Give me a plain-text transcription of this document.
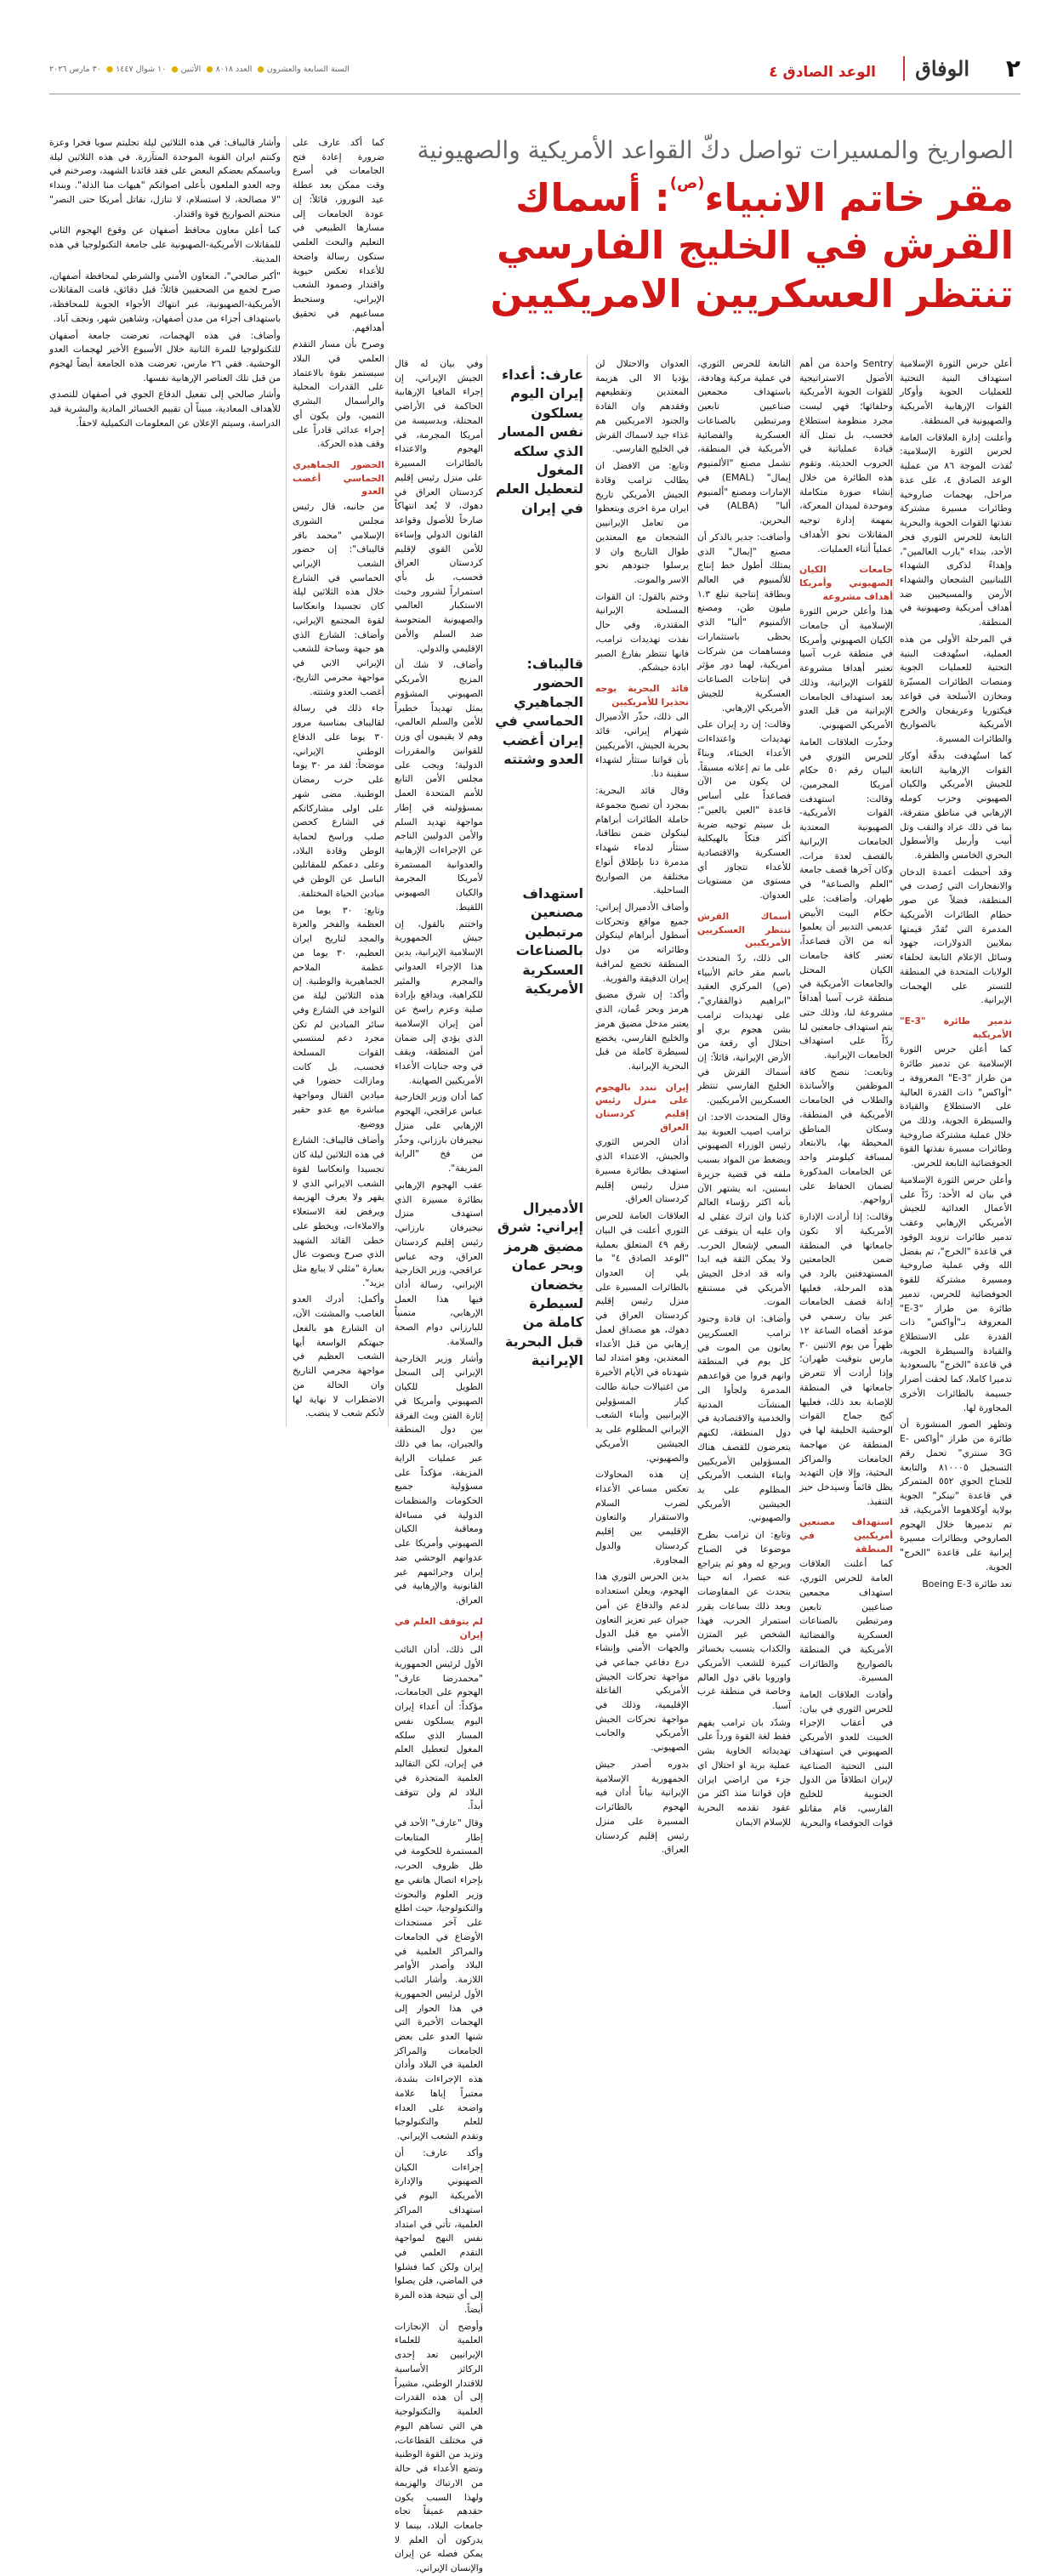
٢
الوفاق
الوعد الصادق ٤
السنة السابعة والعشرون● العدد ٨٠١٨● الأثنين● ١٠ شوال ١٤٤٧● ٣٠ مارس ٢٠٢٦
الصواريخ والمسيرات تواصل دكّ القواعد الأمريكية والصهيونية
مقر خاتم الانبياء$^{(ص)}$: أسماك
القرش في الخليج الفارسي
تنتظر العسكريين الامريكيين

أعلن حرس الثورة الإسلامية استهداف البنية التحتية للعمليات الجوية وأوكار القوات الإرهابية الأمريكية والصهيونية في المنطقة.

وأعلنت إدارة العلاقات العامة لحرس الثورة الإسلامية: نُفذت الموجة ٨٦ من عملية الوعد الصادق ٤، على عدة مراحل، بهجمات صاروخية وطائرات مسيرة مشتركة نفذتها القوات الجوية والبحرية التابعة للحرس الثوري فجر الأحد، بنداء "يارب العالمين"، وإهداءً لذكرى الشهداء اللبنانيين الشجعان والشهداء الأرمن والمسيحيين ضد أهداف أمريكية وصهيونية في المنطقة.

في المرحلة الأولى من هذه العملية، استُهدفت البنية التحتية للعمليات الجوية ومنصات الطائرات المسيّرة ومخازن الأسلحة في قواعد فيكتوريا وعريفجان والخرج الأمريكية بالصواريخ والطائرات المسيرة.

كما استُهدفت بدقّة أوكار القوات الإرهابية التابعة للجيش الأمريكي والكيان الصهيوني وحزب كومله الإرهابي في مناطق متفرقة، بما في ذلك عراد والنقب وتل أبيب وأربيل والأسطول البحري الخامس والظفرة.

وقد أحبطت أعمدة الدخان والانفجارات التي رُصدت في المنطقة، فضلاً عن صور حطام الطائرات الأمريكية المدمرة التي تُقدّر قيمتها بملايين الدولارات، جهود وسائل الإعلام التابعة لحلفاء الولايات المتحدة في المنطقة للتستر على الهجمات الإيرانية.

تدمير طائرة "E-3" الأمريكية

كما أعلن حرس الثورة الإسلامية عن تدمير طائرة من طراز "E-3" المعروفة بـ "أواكس" ذات القدرة العالية على الاستطلاع والقيادة والسيطرة الجوية، وذلك من خلال عملية مشتركة صاروخية وطائرات مسيرة نفذتها القوة الجوفضائية التابعة للحرس.

وأعلن حرس الثورة الإسلامية في بيان له الأحد: ردّاً على الأعمال العدائية للجيش الأمريكي الإرهابي وعقب تدمير طائرات تزويد الوقود في قاعدة "الخرج"، تم بفضل الله وفي عملية صاروخية ومسيرة مشتركة للقوة الجوفضائية للحرس، تدمير طائرة من طراز "E-3" المعروفة بـ"أواكس" ذات القدرة على الاستطلاع والقيادة والسيطرة الجوية، في قاعدة "الخرج" بالسعودية تدميرا كاملا، كما لحقت أضرار جسيمة بالطائرات الأخرى المجاورة لها.

وتظهر الصور المنشورة أن طائرة من طراز "أواكس E-3G سنتري" تحمل رقم التسجيل ٨١٠٠٠٥ والتابعة للجناح الجوي ٥٥٢ المتمركز في قاعدة "تينكر" الجوية بولاية أوكلاهوما الأمريكية، قد تم تدميرها خلال الهجوم الصاروخي وبطائرات مسيرة إيرانية على قاعدة "الخرج" الجوية.

تعد طائرة Boeing E-3

Sentry واحدة من أهم الأصول الاستراتيجية للقوات الجوية الأمريكية وحلفائها؛ فهي ليست مجرد منظومة استطلاع فحسب، بل تمثل آلة قيادة عملياتية في الحروب الحديثة. وتقوم هذه الطائرة من خلال إنشاء صورة متكاملة وموحدة لميدان المعركة، بمهمة إدارة توجيه المقاتلات نحو الأهداف عملياً أثناء العمليات.

جامعات الكيان الصهيوني وأمريكا أهداف مشروعة

هذا وأعلن حرس الثورة الإسلامية أن جامعات الكيان الصهيوني وأمريكا في منطقة غرب آسيا تعتبر أهدافا مشروعة للقوات الإيرانية، وذلك بعد استهداف الجامعات الإيرانية من قبل العدو الأمريكي الصهيوني.

وحذّرت العلاقات العامة للحرس الثوري في البيان رقم ٥٠ حكام أمريكا المجرمين، وقالت: استهدفت القوات الأمريكية-الصهيونية المعتدية الجامعات الإيرانية بالقصف لعدة مرات، وكان آخرها قصف جامعة "العلم والصناعة" في طهران. وأضافت: على حكام البيت الأبيض عديمي التدبير أن يعلموا أنه من الآن فصاعداً، تعتبر كافة جامعات الكيان المحتل والجامعات الأمريكية في منطقة غرب آسيا أهدافاً مشروعة لنا، وذلك حتى يتم استهداف جامعتين لنا ردّاً على استهداف الجامعات الإيرانية.

وتابعت: ننصح كافة الموظفين والأساتذة والطلاب في الجامعات الأمريكية في المنطقة، وسكان المناطق المحيطة بها، بالابتعاد لمسافة كيلومتر واحد عن الجامعات المذكورة لضمان الحفاظ على أرواحهم.

وقالت: إذا أرادت الإدارة الأمريكية ألا تكون جامعاتها في المنطقة ضمن الجامعتين المستهدفتين بالرد في هذه المرحلة، فعليها إدانة قصف الجامعات عبر بيان رسمي في موعد أقصاه الساعة ١٢ ظهراً من يوم الاثنين ٣٠ مارس بتوقيت طهران؛ وإذا أرادت ألا تتعرض جامعاتها في المنطقة للإصابة بعد ذلك، فعليها كبح جماح القوات الوحشية الحليفة لها في المنطقة عن مهاجمة الجامعات والمراكز البحثية، وإلا فإن التهديد يظل قائماً وسيدخل حيز التنفيذ.

استهداف مصنعين أمريكيين في المنطقة

كما أعلنت العلاقات العامة للحرس الثوري، استهداف مجمعين صناعيين تابعين ومرتبطين بالصناعات العسكرية والفضائية الأمريكية في المنطقة بالصواريخ والطائرات المسيرة.

وأفادت العلاقات العامة للحرس الثوري في بيان: في أعقاب الإجراء الخبيث للعدو الأمريكي الصهيوني في استهداف البنى التحتية الصناعية لإيران انطلاقاً من الدول الجنوبية للخليج الفارسي، قام مقاتلو قوات الجوفضاء والبحرية

التابعة للحرس الثوري، في عملية مركبة وهادفة، باستهداف مجمعين صناعيين تابعين ومرتبطين بالصناعات العسكرية والفضائية الأمريكية في المنطقة، تشمل مصنع "الألمنيوم إيمال" (EMAL) في الإمارات ومصنع "ألمنيوم ألبا" (ALBA) في البحرين.

وأضافت: جدير بالذكر أن مصنع "إيمال" الذي يمتلك أطول خط إنتاج للألمنيوم في العالم وبطاقة إنتاجية تبلغ ١.٣ مليون طن، ومصنع الألمنيوم "ألبا" الذي يحظى باستثمارات ومساهمات من شركات أمريكية، لهما دور مؤثر في إنتاجات الصناعات العسكرية للجيش الأمريكي الإرهابي.

وقالت: إن رد إيران على تهديدات واعتداءات الأعداء الخبثاء، وبناءً على ما تم إعلانه مسبقاً، لن يكون من الآن فصاعداً على أساس قاعدة "العين بالعين"؛ بل سيتم توجيه ضربة أكثر فتكاً بالهيكلية العسكرية والاقتصادية للأعداء تتجاوز أي مستوى من مستويات العدوان.

أسماك القرش تنتظر العسكريين الأمريكيين

الى ذلك، ردّ المتحدث باسم مقر خاتم الأنبياء (ص) المركزي العقيد "ابراهيم ذوالفقاري"، على تهديدات ترامب بشن هجوم بري أو احتلال أي رقعة من الأرض الإيرانية، قائلاً: إن أسماك القرش في الخليج الفارسي تنتظر العسكريين الأمريكيين.

وقال المتحدث الاحد: ان ترامب اصيب العبوبة بيد رئيس الوزراء الصهيوني ويضغط من المواد بسبب ملفه في قضية جزيرة ابستين، انه يشتهر الآن بأنه اكثر رؤساء العالم كذبا وان اترك عقلي له وان عليه أن يتوقف عن السعي لإشعال الحرب. ولا يمكن الثقة فيه ابدا وانه قد ادخل الجيش الأمريكي في مستنقع الموت.

وأضاف: ان قادة وجنود ترامب العسكريين يعانون من الموت في كل يوم في المنطقة وانهم فروا من قواعدهم المدمرة ولجأوا الى المنشآت المدنية والخدمية والاقتصادية في دول المنطقة، لكنهم يتعرضون للقصف هناك المسؤولين الأمريكيين وابناء الشعب الأمريكي المظلوم على يد الجيشين الأمريكي والصهيوني.

وتابع: ان ترامب بطرح موضوعا في الصباح ويرجع له وهو ثم يتراجع عنه عصرا، انه حينا يتحدث عن المفاوضات وبعد ذلك بساعات يقرر استمرار الحرب، فهذا الشخص غير المتزن والكذاب يتسبب بخسائر كبيرة للشعب الأمريكي واوروبا باقي دول العالم وخاصة في منطقة غرب آسيا.

وشدّد بان ترامب يفهم فقط لغة القوة ورداً على تهديداته الخاوية بشن عملية برية او احتلال اي جزء من اراضي ايران فإن قواتنا منذ اكثر من عقود تقدمه البحرية للإسلام الايمان

العدوان والاحتلال لن يؤديا الا الى هزيمة المعتدين وتقطيعهم وفقدهم وان الفادة والجنود الامريكيين هم غذاء جيد لاسماك القرش في الخليج الفارسي.

وتابع: من الافضل ان يطالب ترامب وقادة الجيش الأمريكي تاريخ ايران مرة اخرى ويتعظوا من تعامل الإيرانيين الشجعان مع المعتدين طوال التاريخ وان لا يرسلوا جنودهم نحو الاسر والموت.

وختم بالقول: ان القوات المسلحة الإيرانية المقتدرة، وفي حال نفذت تهديدات ترامب، فانها تنتظر بفارغ الصبر ابادة جيشكم.

قائد البحرية يوجه تحذيرا للأمريكيين

الى ذلك، حذّر الأدميرال شهرام إيراني، قائد بحرية الجيش، الأمريكيين بأن قواتنا ستثأر لشهداء سفينة دنا.

وقال قائد البحرية: بمجرد أن تصبح مجموعة حاملة الطائرات أبراهام لينكولن ضمن نطاقنا، سنثأر لدماء شهداء مدمرة دنا بإطلاق أنواع مختلفة من الصواريخ الساحلية.

وأضاف الأدميرال إيراني: جميع مواقع وتحركات أسطول أبراهام لينكولن وطائراته من دول المنطقة تخضع لمراقبة إيران الدقيقة والفورية.

وأكد: إن شرق مضيق هرمز وبحر عُمان، الذي يعتبر مدخل مضيق هرمز والخليج الفارسي، يخضع لسيطرة كاملة من قبل البحرية الإيرانية.

إيران تندد بالهجوم على منزل رئيس إقليم كردستان العراق

أدان الحرس الثوري والجيش، الاعتداء الذي استهدف بطائرة مسيرة منزل رئيس إقليم كردستان العراق.

العلاقات العامة للحرس الثوري أعلنت في البيان رقم ٤٩ المتعلق بعملية "الوعد الصادق ٤" ما يلي إن العدوان بالطائرات المسيرة على منزل رئيس إقليم كردستان العراق في دهوك، هو مصداق لعمل إرهابي من قبل الأعداء المعتدين، وهو امتداد لما شهدناه في الأيام الأخيرة من اغتيالات جبانة طالت كبار المسؤولين الإيرانيين وأبناء الشعب الإيراني المظلوم على يد الجيشين الأمريكي والصهيوني.

إن هذه المحاولات تعكس مساعي الأعداء لضرب السلام والاستقرار والتعاون الإقليمي بين إقليم كردستان والدول المجاورة.

يدين الحرس الثوري هذا الهجوم، ويعلن استعداده لدعم والدفاع عن أمن جيران عبر تعزيز التعاون الأمني مع قبل الدول والجهات الأمني وإنشاء درع دفاعي جماعي في مواجهة تحركات الجيش الأمريكي الفاعلة الإقليمية، وذلك في مواجهة تحركات الجيش الأمريكي والجانب الصهيوني.

بدوره أصدر جيش الجمهورية الإسلامية الإيرانية بياناً أدان فيه الهجوم بالطائرات المسيرة على منزل رئيس إقليم كردستان العراق.

وفي بيان له قال الجيش الإيراني، إن إجراء المافيا الإرهابية الحاكمة في الأراضي المحتلة، وبدسيسة من أمريكا المجرمة، في الهجوم والاعتداء بالطائرات المسيرة على منزل رئيس إقليم كردستان العراق في دهوك، لا يُعد انتهاكاً صارخاً للأصول وقواعد القانون الدولي وإساءة للأمن القوي لإقليم كردستان العراق فحسب، بل بأي استمراراً لشرور وخبث الاستكبار العالمي والصهيونية المتحوسة ضد السلم والأمن الإقليمي والدولي.

وأضاف، لا شك أن المزيج الأمريكي الصهيوني المشؤوم يمثل تهديداً خطيراً للأمن والسلم العالمي، وهم لا يقيمون أي وزن للقوانين والمقررات الدولية؛ ويجب على مجلس الأمن التابع للأمم المتحدة العمل بمسؤوليته في إطار مواجهة تهديد السلم والأمن الدوليين الناجم عن الإجراءات الإرهابية والعدوانية المستمرة لأمريكا المجرمة والكيان الصهيوني اللقيط.

واختتم بالقول، إن جيش الجمهورية الإسلامية الإيرانية، يدين هذا الإجراء العدواني والمجرم والمثير للكراهية، ويدافع بإرادة صلبة وعزم راسخ عن أمن إيران الإسلامية الذي يؤدي إلى ضمان أمن المنطقة، ويقف في وجه جنايات الأعداء الأمريكيين الصهاينة.

كما أدان وزير الخارجية عباس عراقجي، الهجوم الإرهابي على منزل نيجيرفان بارزاني، وحذّر من فخ "الراية المزيفة".

عقب الهجوم الإرهابي بطائرة مسيرة الذي استهدف منزل نيجيرفان بارزاني، رئيس إقليم كردستان العراق، وجه عباس عراقجي، وزير الخارجية الإيراني، رسالة أدان فيها هذا العمل الإرهابي، متمنياً للبارزاني دوام الصحة والسلامة.

وأشار وزير الخارجية الإيراني إلى السجل الطويل للكيان الصهيوني وأمريكا في إثارة الفتن وبث الفرقة بين دول المنطقة والجيران، بما في ذلك عبر عمليات الراية المزيفة، مؤكداً على مسؤولية جميع الحكومات والمنظمات الدولية في مساءلة ومعاقبة الكيان الصهيوني وأمريكا على عدوانهم الوحشي ضد إيران وجرائمهم غير القانونية والإرهابية في العراق.

لم يتوقف العلم في إيران

الى ذلك، أدان النائب الأول لرئيس الجمهورية "محمدرضا عارف" الهجوم على الجامعات، مؤكداً: أن أعداء إيران اليوم يسلكون نفس المسار الذي سلكه المغول لتعطيل العلم في إيران، لكن التقاليد العلمية المتجذرة في البلاد لم ولن تتوقف أبداً.

وقال "عارف" الأحد في إطار المتابعات المستمرة للحكومة في ظل ظروف الحرب، بإجراء اتصال هاتفي مع وزير العلوم والبحوث والتكنولوجيا، حيث اطلع على آخر مستجدات الأوضاع في الجامعات والمراكز العلمية في البلاد وأصدر الأوامر اللازمة. وأشار النائب الأول لرئيس الجمهورية في هذا الحوار إلى الهجمات الأخيرة التي شنها العدو على بعض الجامعات والمراكز العلمية في البلاد وأدان هذه الإجراءات بشدة، معتبراً إياها علامة واضحة على العداء للعلم والتكنولوجيا وتقدم الشعب الإيراني.

وأكد عارف: أن إجراءات الكيان الصهيوني والإدارة الأمريكية اليوم في استهداف المراكز العلمية، تأتي في امتداد نفس النهج لمواجهة التقدم العلمي في إيران ولكن كما فشلوا في الماضي، فلن يصلوا إلى أي نتيجة هذه المرة أيضاً.

وأوضح أن الإنجازات العلمية للعلماء الإيرانيين تعد إحدى الركائز الأساسية للاقتدار الوطني، مشيراً إلى أن هذه القدرات العلمية والتكنولوجية هي التي تساهم اليوم في مختلف القطاعات، وتزيد من القوة الوطنية وتضع الأعداء في حالة من الارتباك والهزيمة ولهذا السبب يكون حقدهم عميقاً تجاه جامعات البلاد، بينما لا يدركون أن العلم لا يمكن فصله عن إيران والإنسان الإيراني.

كما أكد عارف على ضرورة إعادة فتح الجامعات في أسرع وقت ممكن بعد عطلة عيد النوروز، قائلاً: إن عودة الجامعات إلى مسارها الطبيعي في التعليم والبحث العلمي ستكون رسالة واضحة للأعداء تعكس حيوية واقتدار وصمود الشعب الإيراني، وستحبط مساعيهم في تحقيق أهدافهم.

وصرح بأن مسار التقدم العلمي في البلاد سيستمر بقوة بالاعتماد على القدرات المحلية والرأسمال البشري الثمين، ولن يكون أي إجراء عدائي قادراً على وقف هذه الحركة.

الحضور الجماهيري الحماسي أغضب العدو

من جانبه، قال رئيس مجلس الشورى الإسلامي "محمد باقر قاليباف": إن حضور الشعب الإيراني الحماسي في الشارع خلال هذه الثلاثين ليلة كان تجسيدا وانعكاسا لقوة المجتمع الإيراني، وأضاف: الشارع الذي هو جبهة وساحة للشعب الإيراني الابي في مواجهة مجرمي التاريخ، أغضب العدو وشتته.

جاء ذلك في رسالة لقاليباف بمناسبة مرور ٣٠ يوما على الدفاع الوطني الإيراني، موضحاً: لقد مر ٣٠ يوما على حرب رمضان الوطنية. مضى شهر على اولى مشاركاتكم في الشارع كحصن صلب وراسخ لحماية الوطن وقادة البلاد، وعلى دعمكم للمقاتلين الباسل عن الوطن في ميادين الحياة المختلفة.

وتابع: ٣٠ يوما من العظمة والفخر والعزة والمجد لتاريخ ايران العظيم، ٣٠ يوما من عظمة الملاحم الجماهيرية والوطنية. إن هذه الثلاثين ليلة من التواجد في الشارع وفي سائر الميادين لم تكن مجرد دعم لمنتسبي القوات المسلحة فحسب، بل كانت ومازالت حضورا في ميادين القتال ومواجهة مباشرة مع عدو حقير ووضيع.

وأضاف قاليباف: الشارع في هذه الثلاثين ليلة كان تجسيدا وانعكاسا لقوة الشعب الايراني الذي لا يقهر ولا يعرف الهزيمة ويرفض لغة الاستعلاء والاملاءات، ويخطو على خطى القائد الشهيد الذي صرح وبصوت عال بعبارة "مثلي لا يبايع مثل يزيد".

وأكمل: أدرك العدو الغاصب والمشتت الآن، ان الشارع هو بالفعل جبهتكم الواسعة أيها الشعب العظيم في مواجهة مجرمي التاريخ وان الحالة من الاضطراب لا نهاية لها لأنكم شعب لا ينضب.

وأشار قاليباف: في هذه الثلاثين ليلة تجليتم سويا فخرا وعزة وكنتم ايران القوية الموحدة المتآزرة. في هذه الثلاثين ليلة وباسمكم بعضكم البعض على فقد قائدنا الشهيد، وصرخنم في وجه العدو الملعون بأعلى اصواتكم "هيهات منا الذلة". وبنداء "لا مصالحة، لا استسلام، لا تنازل، نقاتل أمريكا حتى النصر" منحتم الصواريخ قوة واقتدار.

كما أعلن معاون محافظ أصفهان عن وقوع الهجوم الثاني للمقاتلات الأمريكية-الصهيونية على جامعة التكنولوجيا في هذه المدينة.

"أكبر صالحي"، المعاون الأمني والشرطي لمحافظة أصفهان، صرح لجمع من الصحفيين قائلاً: قبل دقائق، قامت المقاتلات الأمريكية-الصهيونية، عبر انتهاك الأجواء الجوية للمحافظة، باستهداف أجزاء من مدن أصفهان، وشاهين شهر، ونجف آباد.

وأضاف: في هذه الهجمات، تعرضت جامعة أصفهان للتكنولوجيا للمرة الثانية خلال الأسبوع الأخير لهجمات العدو الوحشية. ففي ٢٦ مارس، تعرضت هذه الجامعة أيضاً لهجوم من قبل تلك العناصر الإرهابية نفسها.

وأشار صالحي إلى تفعيل الدفاع الجوي في أصفهان للتصدي للأهداف المعادية، مبيناً أن تقييم الخسائر المادية والبشرية قيد الدراسة، وسيتم الإعلان عن المعلومات التكميلية لاحقاً.

عارف: أعداء إيران اليوم يسلكون نفس المسار الذي سلكه المغول لتعطيل العلم في إيران
قاليباف: الحضور الجماهيري الحماسي في إيران أغضب العدو وشتته
استهداف مصنعين مرتبطين بالصناعات العسكرية الأمريكية
الأدميرال إيراني: شرق مضيق هرمز وبحر عمان يخضعان لسيطرة كاملة من قبل البحرية الإيرانية
